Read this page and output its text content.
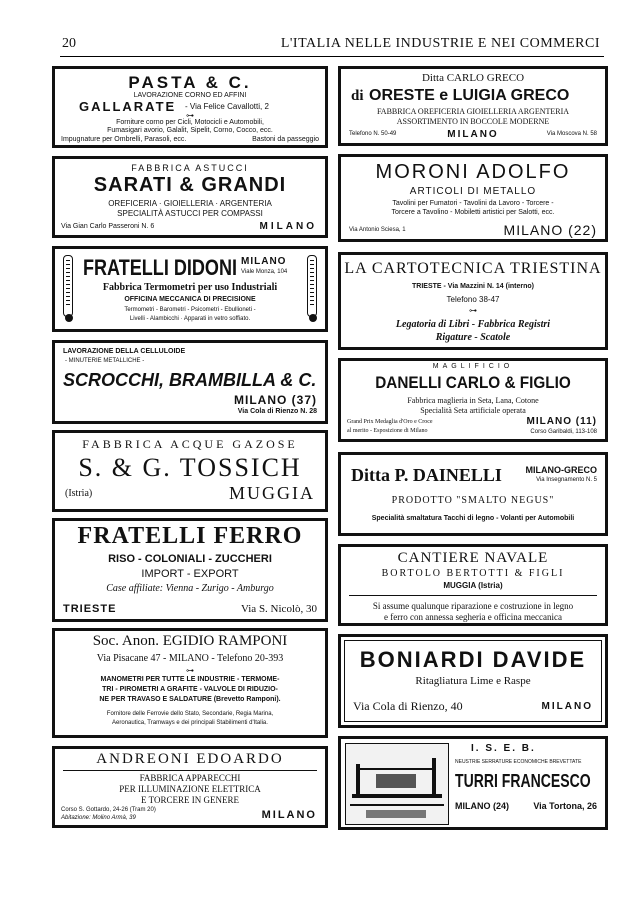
20	L'ITALIA NELLE INDUSTRIE E NEI COMMERCI
PASTA & C.
LAVORAZIONE CORNO ED AFFINI
GALLARATE - Via Felice Cavallotti, 2
⊶
Forniture corno per Cicli, Motocicli e Automobili,
Fumasigari avorio, Galalit, Sipelit, Corno, Cocco, ecc.
Impugnature per Ombrelli, Parasoli, ecc.	Bastoni da passeggio
FABBRICA ASTUCCI
SARATI & GRANDI
OREFICERIA · GIOIELLERIA · ARGENTERIA
SPECIALITÀ ASTUCCI PER COMPASSI
Via Gian Carlo Passeroni N. 6	MILANO
FRATELLI DIDONI MILANO
Viale Monza, 104
Fabbrica Termometri per uso Industriali
OFFICINA MECCANICA DI PRECISIONE
Termometri - Barometri - Psicometri - Ebullioneti -
Livelli - Alambicchi · Apparati in vetro soffiato.
LAVORAZIONE DELLA CELLULOIDE
- MINUTERIE METALLICHE -
SCROCCHI, BRAMBILLA & C.
MILANO (37)
Via Cola di Rienzo N. 28
FABBRICA ACQUE GAZOSE
S. & G. TOSSICH
(Istria)	MUGGIA
FRATELLI FERRO
RISO - COLONIALI - ZUCCHERI
IMPORT - EXPORT
Case affiliate: Vienna - Zurigo - Amburgo
TRIESTE	Via S. Nicolò, 30
Soc. Anon. EGIDIO RAMPONI
Via Pisacane 47 - MILANO - Telefono 20-393
⊶
MANOMETRI PER TUTTE LE INDUSTRIE - TERMOME-
TRI - PIROMETRI A GRAFITE - VALVOLE DI RIDUZIO-
NE PER TRAVASO E SALDATURE (Brevetto Ramponi).
Fornitore delle Ferrovie dello Stato, Secondarie, Regia Marina,
Aeronautica, Tramways e dei principali Stabilimenti d'Italia.
ANDREONI EDOARDO
FABBRICA APPARECCHI
PER ILLUMINAZIONE ELETTRICA
E TORCERE IN GENERE
Corso S. Gottardo, 24-26 (Tram 20)
Abitazione: Molino Armà, 39	MILANO
Ditta CARLO GRECO
di ORESTE e LUIGIA GRECO
FABBRICA OREFICERIA GIOIELLERIA ARGENTERIA
ASSORTIMENTO IN BOCCOLE MODERNE
Telefono N. 50-49	MILANO	Via Moscova N. 58
MORONI ADOLFO
ARTICOLI DI METALLO
Tavolini per Fumatori - Tavolini da Lavoro - Torcere -
Torcere a Tavolino - Mobiletti artistici per Salotti, ecc.
Via Antonio Sciesa, 1	MILANO (22)
LA CARTOTECNICA TRIESTINA
TRIESTE - Via Mazzini N. 14 (interno)
Telefono 38-47
⊶
Legatoria di Libri - Fabbrica Registri
Rigature - Scatole
MAGLIFICIO
DANELLI CARLO & FIGLIO
Fabbrica maglieria in Seta, Lana, Cotone
Specialità Seta artificiale operata
Grand Prix Medaglia d'Oro e Croce
al merito - Esposizione di Milano
MILANO (11)
Corso Garibaldi, 113-108
Ditta P. DAINELLI	MILANO-GRECO
Via Insegnamento N. 5
PRODOTTO "SMALTO NEGUS"
Specialità smaltatura Tacchi di legno - Volanti per Automobili
CANTIERE NAVALE
BORTOLO BERTOTTI & FIGLI
MUGGIA (Istria)
Si assume qualunque riparazione e costruzione in legno
e ferro con annessa segheria e officina meccanica
BONIARDI DAVIDE
Ritagliatura Lime e Raspe
Via Cola di Rienzo, 40	MILANO
I. S. E. B.
NEUSTRIE SERRATURE ECONOMICHE BREVETTATE
TURRI FRANCESCO
MILANO (24)	Via Tortona, 26
